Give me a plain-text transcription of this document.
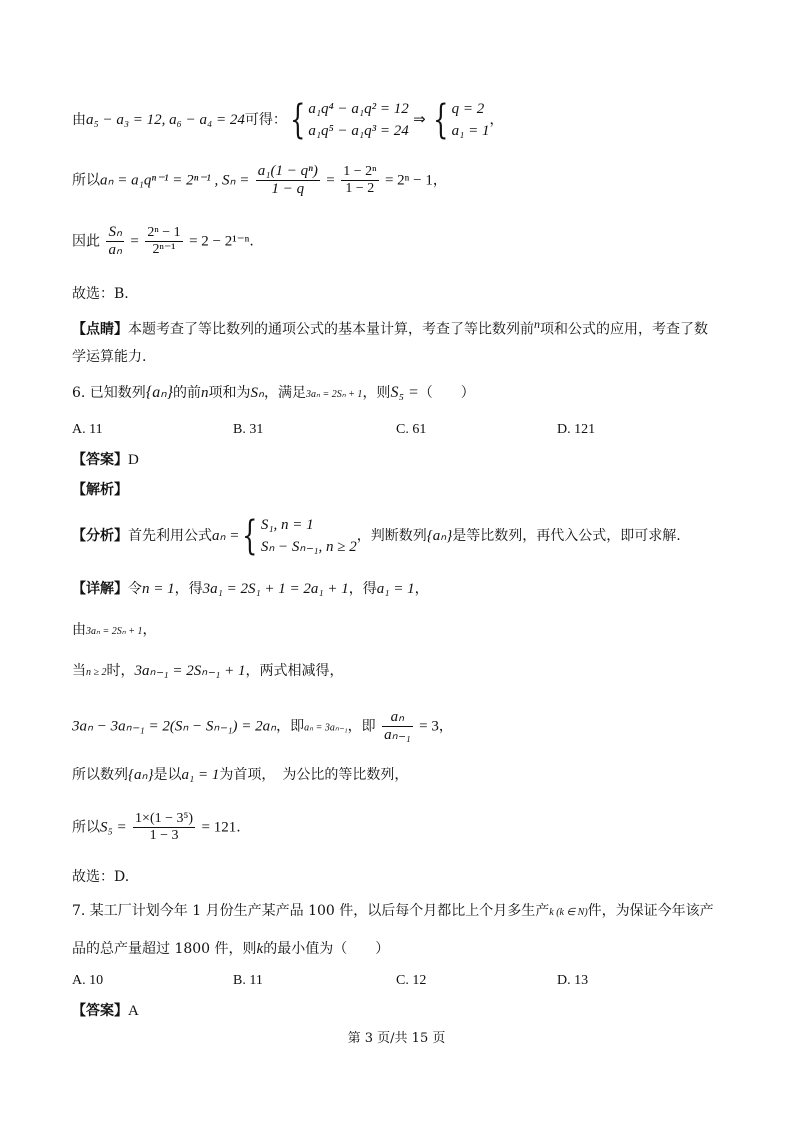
由a₅ − a₃ = 12, a₆ − a₄ = 24可得：{ a₁q⁴ − a₁q² = 12
a₁q⁵ − a₁q³ = 24
⇒ { q = 2
a₁ = 1
，
所以aₙ = a₁qⁿ⁻¹ = 2ⁿ⁻¹ , $S_n = \frac{\text{a₁(1 − qⁿ)}}{1 - q} = \frac{\text{1 − 2ⁿ}}{1 - 2} = 2^n - 1$，
因此 $\frac{\text{Sₙ}}{\text{aₙ}} = \frac{\text{2ⁿ − 1}}{\text{2ⁿ⁻¹}} = 2 - 2^{1-n}$.
故选：B.
【点睛】本题考查了等比数列的通项公式的基本量计算，考查了等比数列前n项和公式的应用，考查了数
学运算能力.
6. 已知数列{aₙ}的前n项和为Sₙ，满足3aₙ = 2Sₙ + 1，则S₅ =（　　）
A. 11	B. 31	C. 61	D. 121
【答案】D
【解析】
【分析】首先利用公式aₙ ={ S₁, n = 1
Sₙ − Sₙ₋₁, n ≥ 2
，判断数列{aₙ}是等比数列，再代入公式，即可求解.
【详解】令n = 1，得3a₁ = 2S₁ + 1 = 2a₁ + 1，得a₁ = 1，
由3aₙ = 2Sₙ + 1，
当n ≥ 2时，3aₙ₋₁ = 2Sₙ₋₁ + 1，两式相减得，
3aₙ − 3aₙ₋₁ = 2(Sₙ − Sₙ₋₁) = 2aₙ，即aₙ = 3aₙ₋₁，即 $\frac{\text{aₙ}}{\text{aₙ₋₁}} = 3$，
所以数列{aₙ}是以a₁ = 1为首项，　为公比的等比数列，
所以$S_5 = \frac{\text{1×(1 − 3⁵)}}{1 - 3} = 121$.
故选：D.
7. 某工厂计划今年 1 月份生产某产品 100 件，以后每个月都比上个月多生产k (k ∈ N)件，为保证今年该产
品的总产量超过 1800 件，则k的最小值为（　　）
A. 10	B. 11	C. 12	D. 13
【答案】A
第 3 页/共 15 页
